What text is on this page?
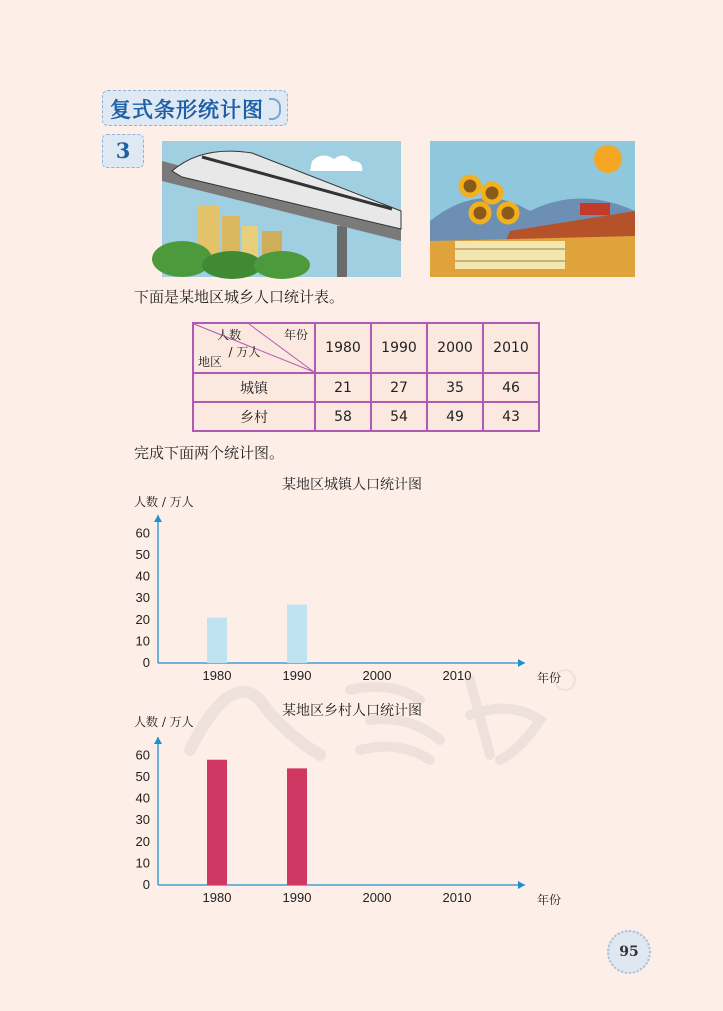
复式条形统计图
3
下面是某地区城乡人口统计表。
人数
/ 万人
年份
地区	1980	1990	2000	2010
城镇	21	27	35	46
乡村	58	54	49	43
完成下面两个统计图。
某地区城镇人口统计图
人数 / 万人
0
10
20
30
40
50
60
1980	1990	2000	2010	年份
某地区乡村人口统计图
人数 / 万人
0
10
20
30
40
50
60
1980	1990	2000	2010	年份
95
